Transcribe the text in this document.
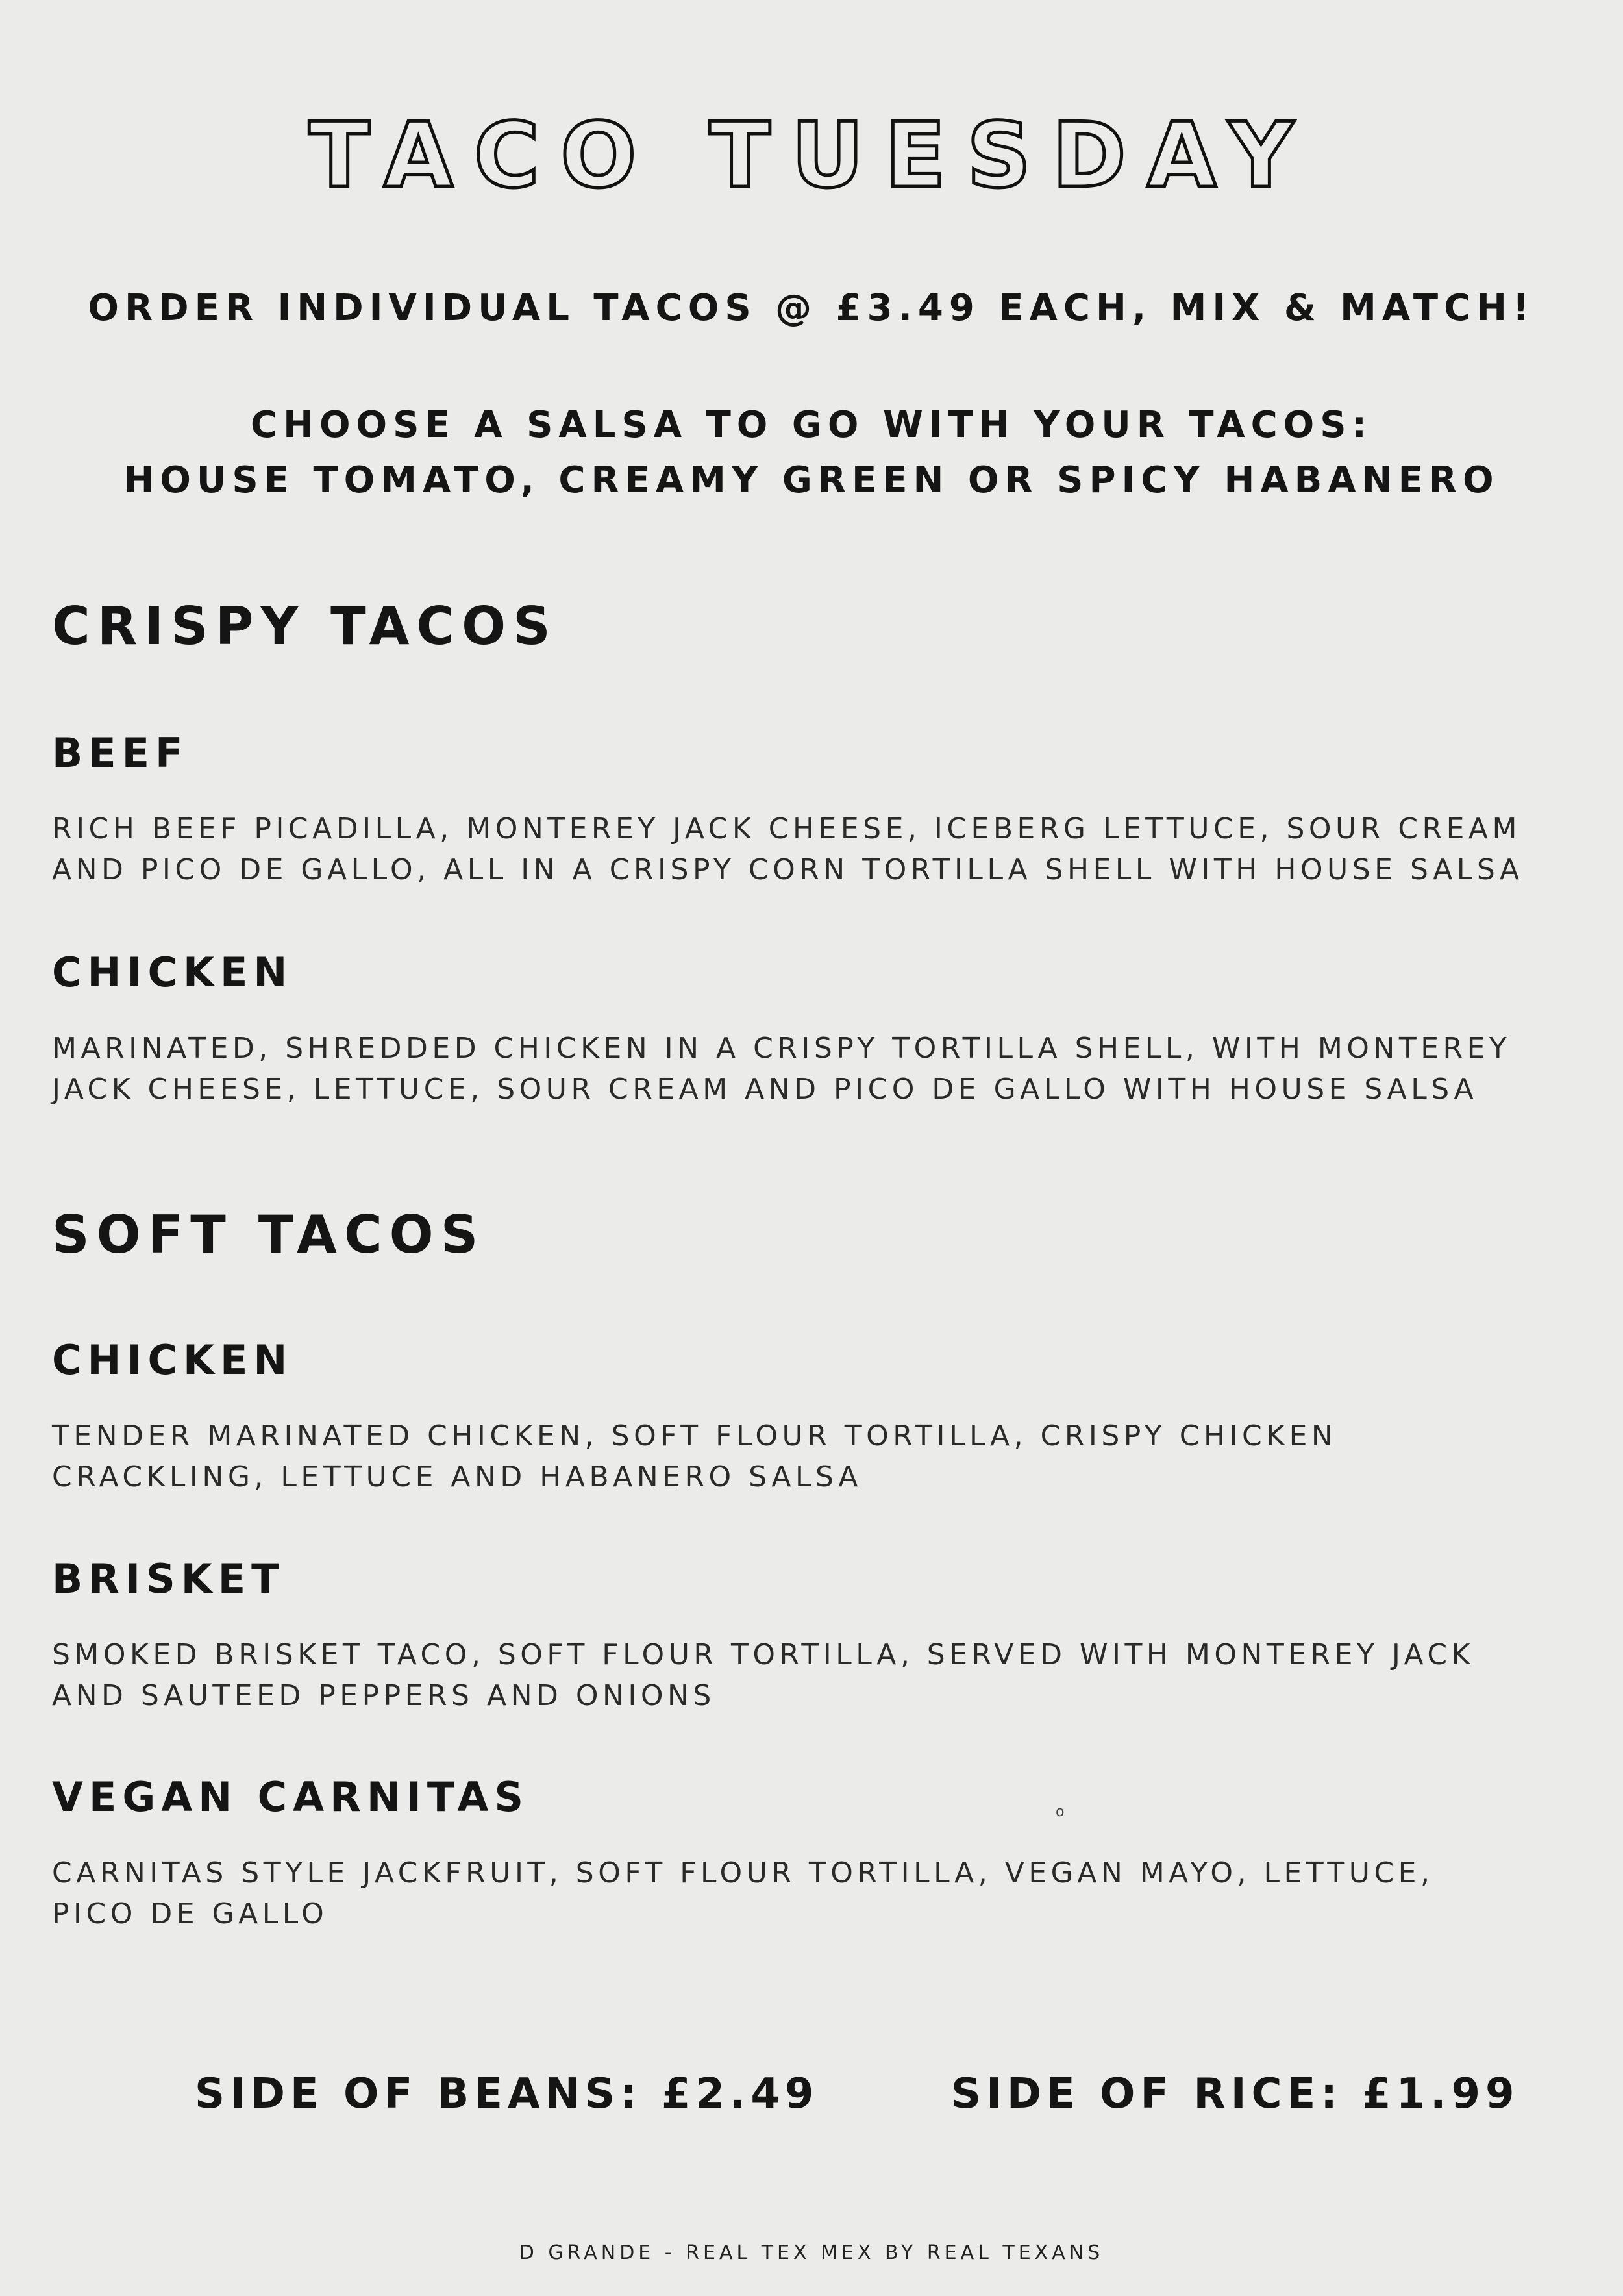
TACO TUESDAY
ORDER INDIVIDUAL TACOS @ £3.49 EACH, MIX & MATCH!
CHOOSE A SALSA TO GO WITH YOUR TACOS:
HOUSE TOMATO, CREAMY GREEN OR SPICY HABANERO
CRISPY TACOS
BEEF
RICH BEEF PICADILLA, MONTEREY JACK CHEESE, ICEBERG LETTUCE, SOUR CREAM
AND PICO DE GALLO, ALL IN A CRISPY CORN TORTILLA SHELL WITH HOUSE SALSA
CHICKEN
MARINATED, SHREDDED CHICKEN IN A CRISPY TORTILLA SHELL, WITH MONTEREY
JACK CHEESE, LETTUCE, SOUR CREAM AND PICO DE GALLO WITH HOUSE SALSA
SOFT TACOS
CHICKEN
TENDER MARINATED CHICKEN, SOFT FLOUR TORTILLA, CRISPY CHICKEN
CRACKLING, LETTUCE AND HABANERO SALSA
BRISKET
SMOKED BRISKET TACO, SOFT FLOUR TORTILLA, SERVED WITH MONTEREY JACK
AND SAUTEED PEPPERS AND ONIONS
VEGAN CARNITAS	o
CARNITAS STYLE JACKFRUIT, SOFT FLOUR TORTILLA, VEGAN MAYO, LETTUCE,
PICO DE GALLO
SIDE OF BEANS: £2.49	SIDE OF RICE: £1.99
D GRANDE - REAL TEX MEX BY REAL TEXANS
